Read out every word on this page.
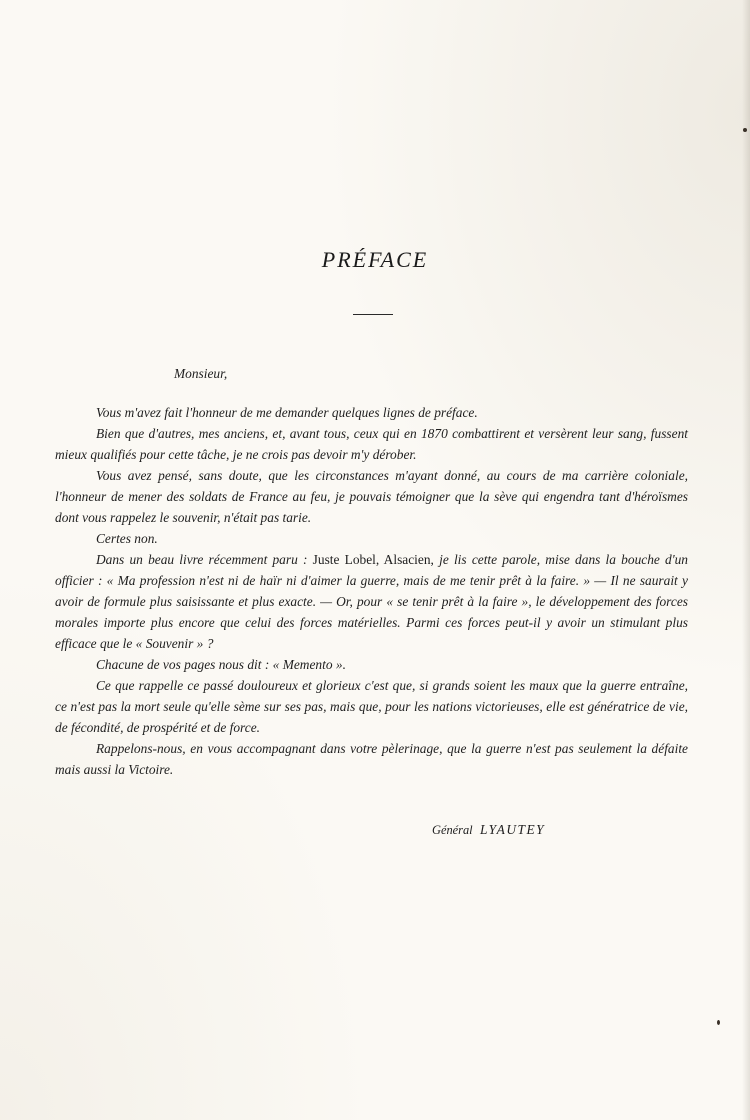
PRÉFACE
Monsieur,

Vous m'avez fait l'honneur de me demander quelques lignes de préface.

Bien que d'autres, mes anciens, et, avant tous, ceux qui en 1870 combattirent et versèrent leur sang, fussent mieux qualifiés pour cette tâche, je ne crois pas devoir m'y dérober.

Vous avez pensé, sans doute, que les circonstances m'ayant donné, au cours de ma carrière coloniale, l'honneur de mener des soldats de France au feu, je pouvais témoigner que la sève qui engendra tant d'héroïsmes dont vous rappelez le souvenir, n'était pas tarie.

Certes non.

Dans un beau livre récemment paru : Juste Lobel, Alsacien, je lis cette parole, mise dans la bouche d'un officier : « Ma profession n'est ni de haïr ni d'aimer la guerre, mais de me tenir prêt à la faire. » — Il ne saurait y avoir de formule plus saisissante et plus exacte. — Or, pour « se tenir prêt à la faire », le développement des forces morales importe plus encore que celui des forces matérielles. Parmi ces forces peut-il y avoir un stimulant plus efficace que le « Souvenir » ?

Chacune de vos pages nous dit : « Memento ».

Ce que rappelle ce passé douloureux et glorieux c'est que, si grands soient les maux que la guerre entraîne, ce n'est pas la mort seule qu'elle sème sur ses pas, mais que, pour les nations victorieuses, elle est génératrice de vie, de fécondité, de prospérité et de force.

Rappelons-nous, en vous accompagnant dans votre pèlerinage, que la guerre n'est pas seulement la défaite mais aussi la Victoire.

Général LYAUTEY
